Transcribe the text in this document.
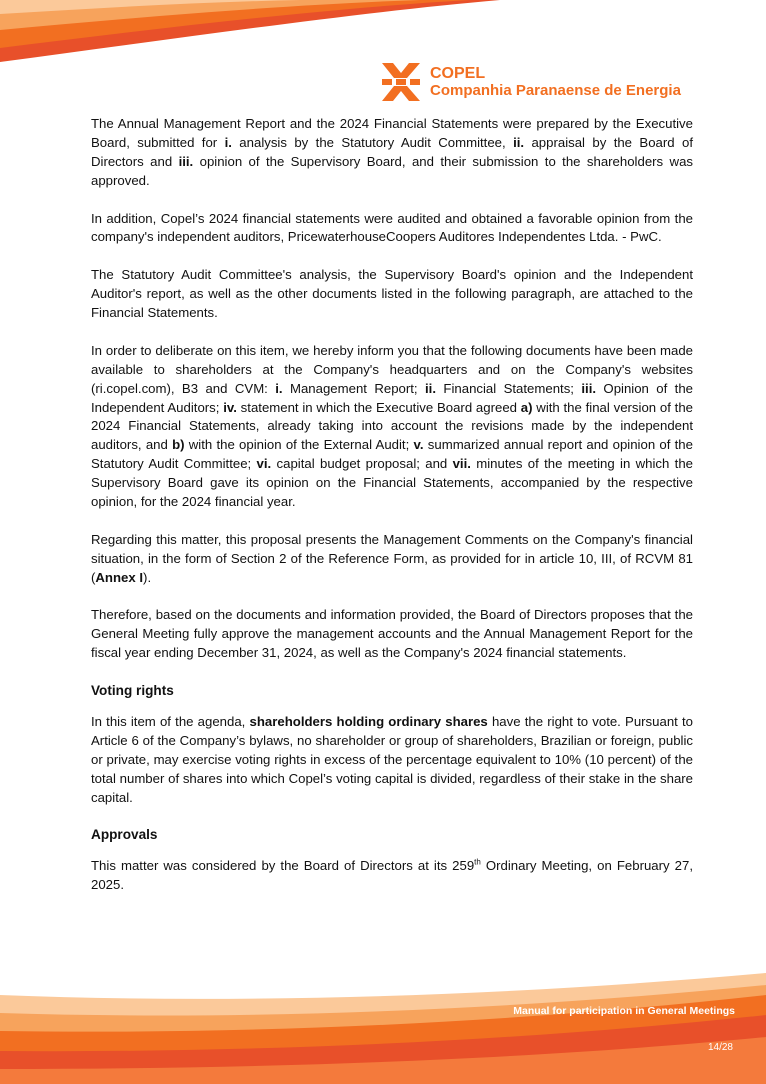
COPEL
Companhia Paranaense de Energia

The Annual Management Report and the 2024 Financial Statements were prepared by the Executive Board, submitted for i. analysis by the Statutory Audit Committee, ii. appraisal by the Board of Directors and iii. opinion of the Supervisory Board, and their submission to the shareholders was approved.

In addition, Copel’s 2024 financial statements were audited and obtained a favorable opinion from the company's independent auditors, PricewaterhouseCoopers Auditores Independentes Ltda. - PwC.

The Statutory Audit Committee's analysis, the Supervisory Board's opinion and the Independent Auditor's report, as well as the other documents listed in the following paragraph, are attached to the Financial Statements.

In order to deliberate on this item, we hereby inform you that the following documents have been made available to shareholders at the Company's headquarters and on the Company's websites (ri.copel.com), B3 and CVM: i. Management Report; ii. Financial Statements; iii. Opinion of the Independent Auditors; iv. statement in which the Executive Board agreed a) with the final version of the 2024 Financial Statements, already taking into account the revisions made by the independent auditors, and b) with the opinion of the External Audit; v. summarized annual report and opinion of the Statutory Audit Committee; vi. capital budget proposal; and vii. minutes of the meeting in which the Supervisory Board gave its opinion on the Financial Statements, accompanied by the respective opinion, for the 2024 financial year.

Regarding this matter, this proposal presents the Management Comments on the Company's financial situation, in the form of Section 2 of the Reference Form, as provided for in article 10, III, of RCVM 81 (Annex I).

Therefore, based on the documents and information provided, the Board of Directors proposes that the General Meeting fully approve the management accounts and the Annual Management Report for the fiscal year ending December 31, 2024, as well as the Company's 2024 financial statements.

Voting rights

In this item of the agenda, shareholders holding ordinary shares have the right to vote. Pursuant to Article 6 of the Company’s bylaws, no shareholder or group of shareholders, Brazilian or foreign, public or private, may exercise voting rights in excess of the percentage equivalent to 10% (10 percent) of the total number of shares into which Copel’s voting capital is divided, regardless of their stake in the share capital.

Approvals

This matter was considered by the Board of Directors at its 259th Ordinary Meeting, on February 27, 2025.

Manual for participation in General Meetings
14/28
